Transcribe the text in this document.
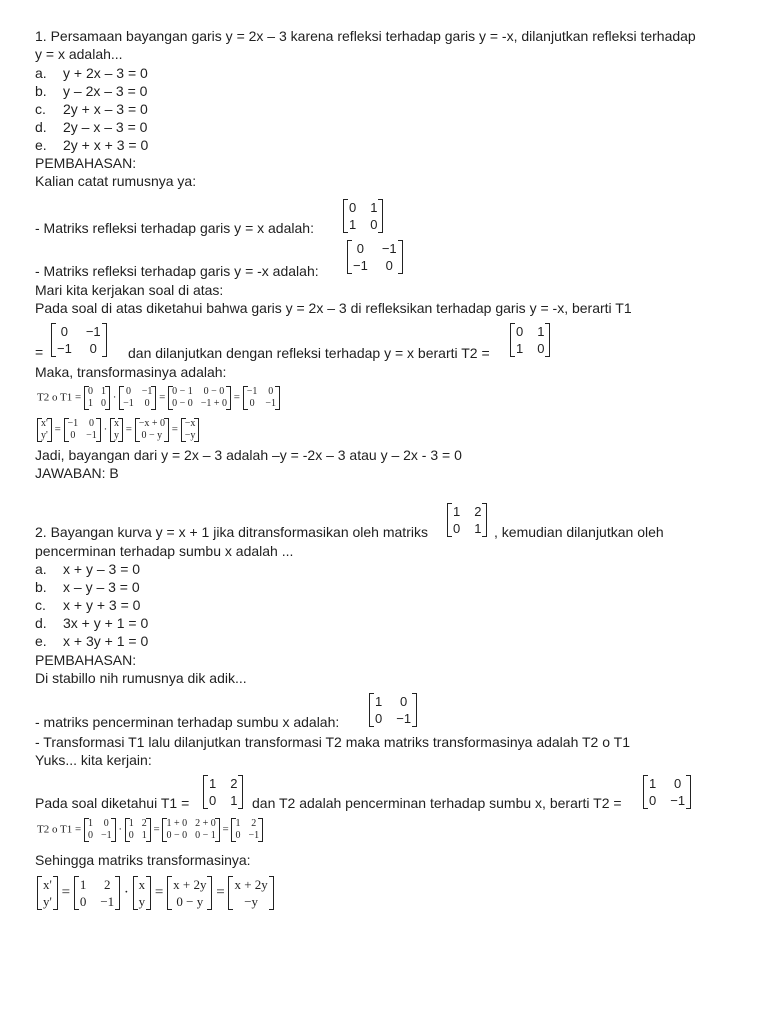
1. Persamaan bayangan garis y = 2x – 3 karena refleksi terhadap garis y = -x, dilanjutkan refleksi terhadap
y = x adalah...
a. y + 2x – 3 = 0
b. y – 2x – 3 = 0
c. 2y + x – 3 = 0
d. 2y – x – 3 = 0
e. 2y + x + 3 = 0
PEMBAHASAN:
Kalian catat rumusnya ya:
- Matriks refleksi terhadap garis y = x adalah:
0 1
1 0
- Matriks refleksi terhadap garis y = -x adalah:
0 −1
−1 0
Mari kita kerjakan soal di atas:
Pada soal di atas diketahui bahwa garis y = 2x – 3 di refleksikan terhadap garis y = -x, berarti T1
=
0 −1
−1 0 dan dilanjutkan dengan refleksi terhadap y = x berarti T2 =
0 1
1 0
Maka, transformasinya adalah:
T2 o T1 =
0 1
1 0 ·
0 −1
−1 0 =
0 − 1 0 − 0
0 − 0 −1 + 0 =
−1 0
0 −1
x'
y' =
−1 0
0 −1 ·
x
y =
−x + 0
0 − y =
−x
−y
Jadi, bayangan dari y = 2x – 3 adalah –y = -2x – 3 atau y – 2x - 3 = 0
JAWABAN: B
2. Bayangan kurva y = x + 1 jika ditransformasikan oleh matriks
1 2
0 1 , kemudian dilanjutkan oleh
pencerminan terhadap sumbu x adalah ...
a. x + y – 3 = 0
b. x – y – 3 = 0
c. x + y + 3 = 0
d. 3x + y + 1 = 0
e. x + 3y + 1 = 0
PEMBAHASAN:
Di stabillo nih rumusnya dik adik...
- matriks pencerminan terhadap sumbu x adalah:
1 0
0 −1
- Transformasi T1 lalu dilanjutkan transformasi T2 maka matriks transformasinya adalah T2 o T1
Yuks... kita kerjain:
Pada soal diketahui T1 =
1 2
0 1 dan T2 adalah pencerminan terhadap sumbu x, berarti T2 =
1 0
0 −1
T2 o T1 =
1 0
0 −1 ·
1 2
0 1 =
1 + 0 2 + 0
0 − 0 0 − 1 =
1 2
0 −1
Sehingga matriks transformasinya:
x'
y'
= 1 2
0 −1
· x
y
= x + 2y
0 − y
= x + 2y
−y
